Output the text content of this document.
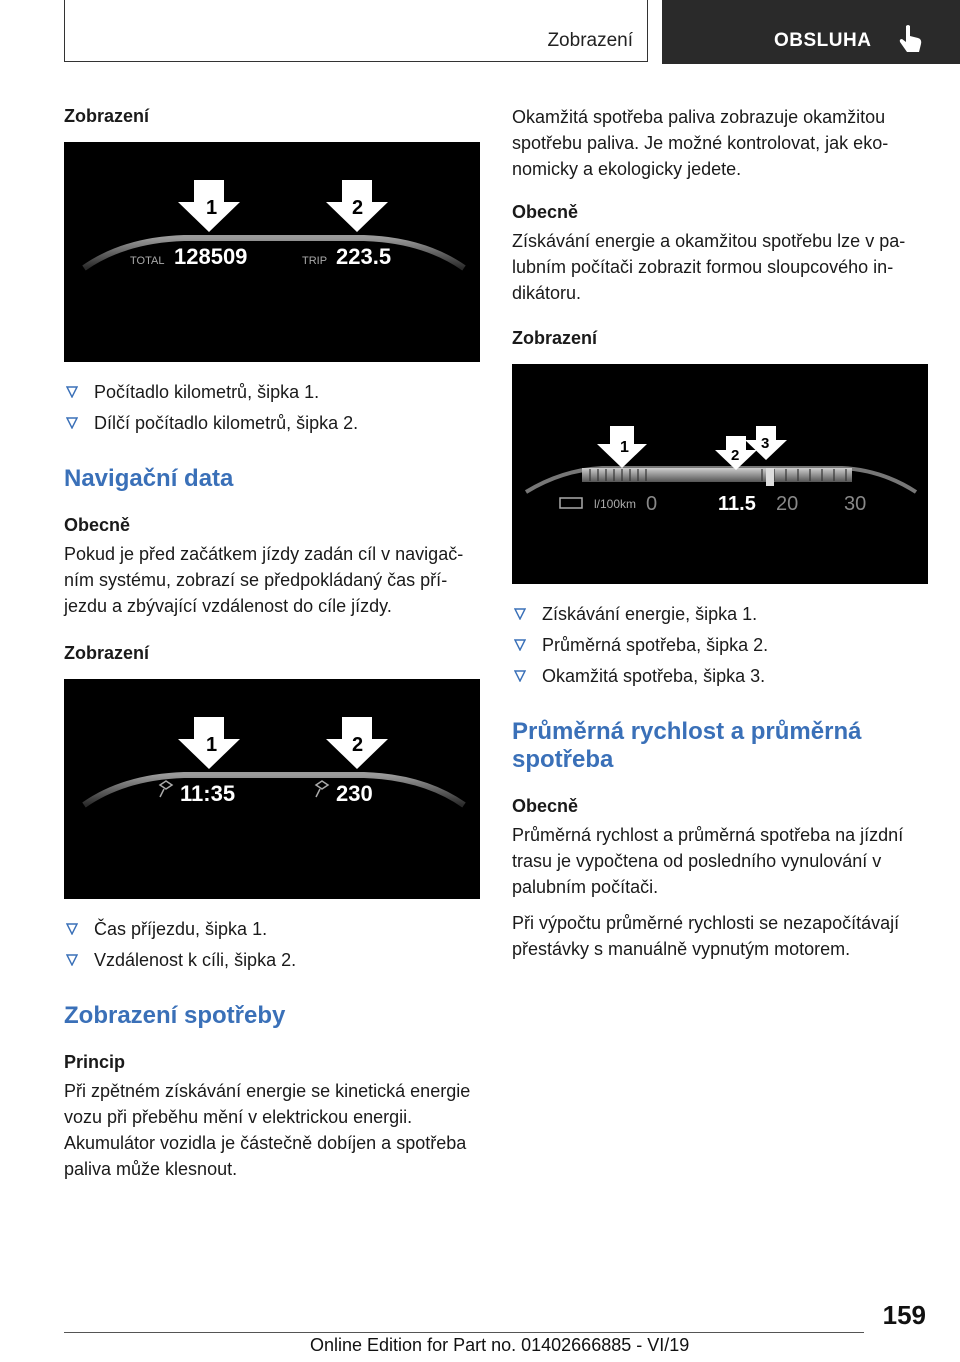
Zobrazení	OBSLUHA
Zobrazení
1	2
TOTAL 128509	TRIP 223.5
Počítadlo kilometrů, šipka 1.
Dílčí počítadlo kilometrů, šipka 2.
Navigační data
Obecně
Pokud je před začátkem jízdy zadán cíl v navigačním systému, zobrazí se předpokládaný čas příjezdu a zbývající vzdálenost do cíle jízdy.
Zobrazení
1	2
11:35	230
Čas příjezdu, šipka 1.
Vzdálenost k cíli, šipka 2.
Zobrazení spotřeby
Princip
Při zpětném získávání energie se kinetická energie vozu při přeběhu mění v elektrickou energii. Akumulátor vozidla je částečně dobíjen a spotřeba paliva může klesnout.
Okamžitá spotřeba paliva zobrazuje okamžitou spotřebu paliva. Je možné kontrolovat, jak ekonomicky a ekologicky jedete.
Obecně
Získávání energie a okamžitou spotřebu lze v palubním počítači zobrazit formou sloupcového indikátoru.
Zobrazení
1	2
3
l/100km 0	11.5 20 30
Získávání energie, šipka 1.
Průměrná spotřeba, šipka 2.
Okamžitá spotřeba, šipka 3.
Průměrná rychlost a průměrná spotřeba
Obecně
Průměrná rychlost a průměrná spotřeba na jízdní trasu je vypočtena od posledního vynulování v palubním počítači.
Při výpočtu průměrné rychlosti se nezapočítávají přestávky s manuálně vypnutým motorem.
159
Online Edition for Part no. 01402666885 - VI/19
